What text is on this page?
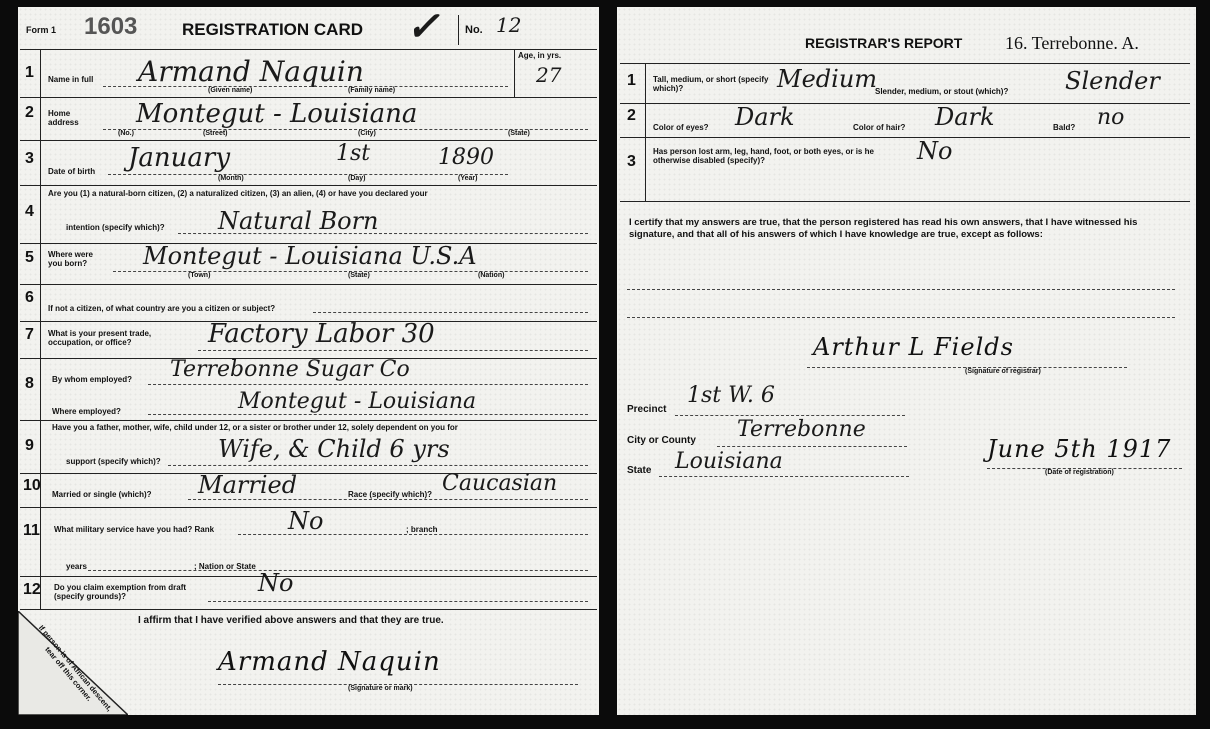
Form 1 1603	REGISTRATION CARD ✓ No. 12
Age, in yrs.
27
1 Name in full Armand Naquin
(Given name)	(Family name)
2 Home address	Montegut - Louisiana
(No.)	(Street)	(City)	(State)
3
Date of birth January	1st	1890
(Month)	(Day)	(Year)
4
Are you (1) a natural-born citizen, (2) a naturalized citizen, (3) an alien, (4) or have you declared your
intention (specify which)? Natural Born
5 Where were you born?	Montegut - Louisiana U.S.A
(Town)	(State)	(Nation)
6
If not a citizen, of what country are you a citizen or subject?
7 What is your present trade, occupation, or office?	Factory Labor 30
8 By whom employed? Terrebonne Sugar Co
Where employed?	Montegut - Louisiana
9
Have you a father, mother, wife, child under 12, or a sister or brother under 12, solely dependent on you for
support (specify which)? Wife, & Child 6 yrs
10
Married or single (which)? Married	Race (specify which)? Caucasian
11 What military service have you had? Rank	No	; branch
years	; Nation or State
12 Do you claim exemption from draft (specify grounds)?	No
I affirm that I have verified above answers and that they are true.
Armand Naquin
(Signature or mark)
If person is of African descent, tear off this corner.
REGISTRAR'S REPORT 16. Terrebonne. A.
1 Tall, medium, or short (specify which)?	Medium
Slender, medium, or stout (which)? Slender
2
Color of eyes? Dark	Color of hair? Dark	Bald? no
3
Has person lost arm, leg, hand, foot, or both eyes, or is he otherwise disabled (specify)?	No
I certify that my answers are true, that the person registered has read his own answers, that I have witnessed his signature, and that all of his answers of which I have knowledge are true, except as follows:
Arthur L Fields
(Signature of registrar)
Precinct
1st W. 6
City or County Terrebonne
State Louisiana	June 5th 1917
(Date of registration)
